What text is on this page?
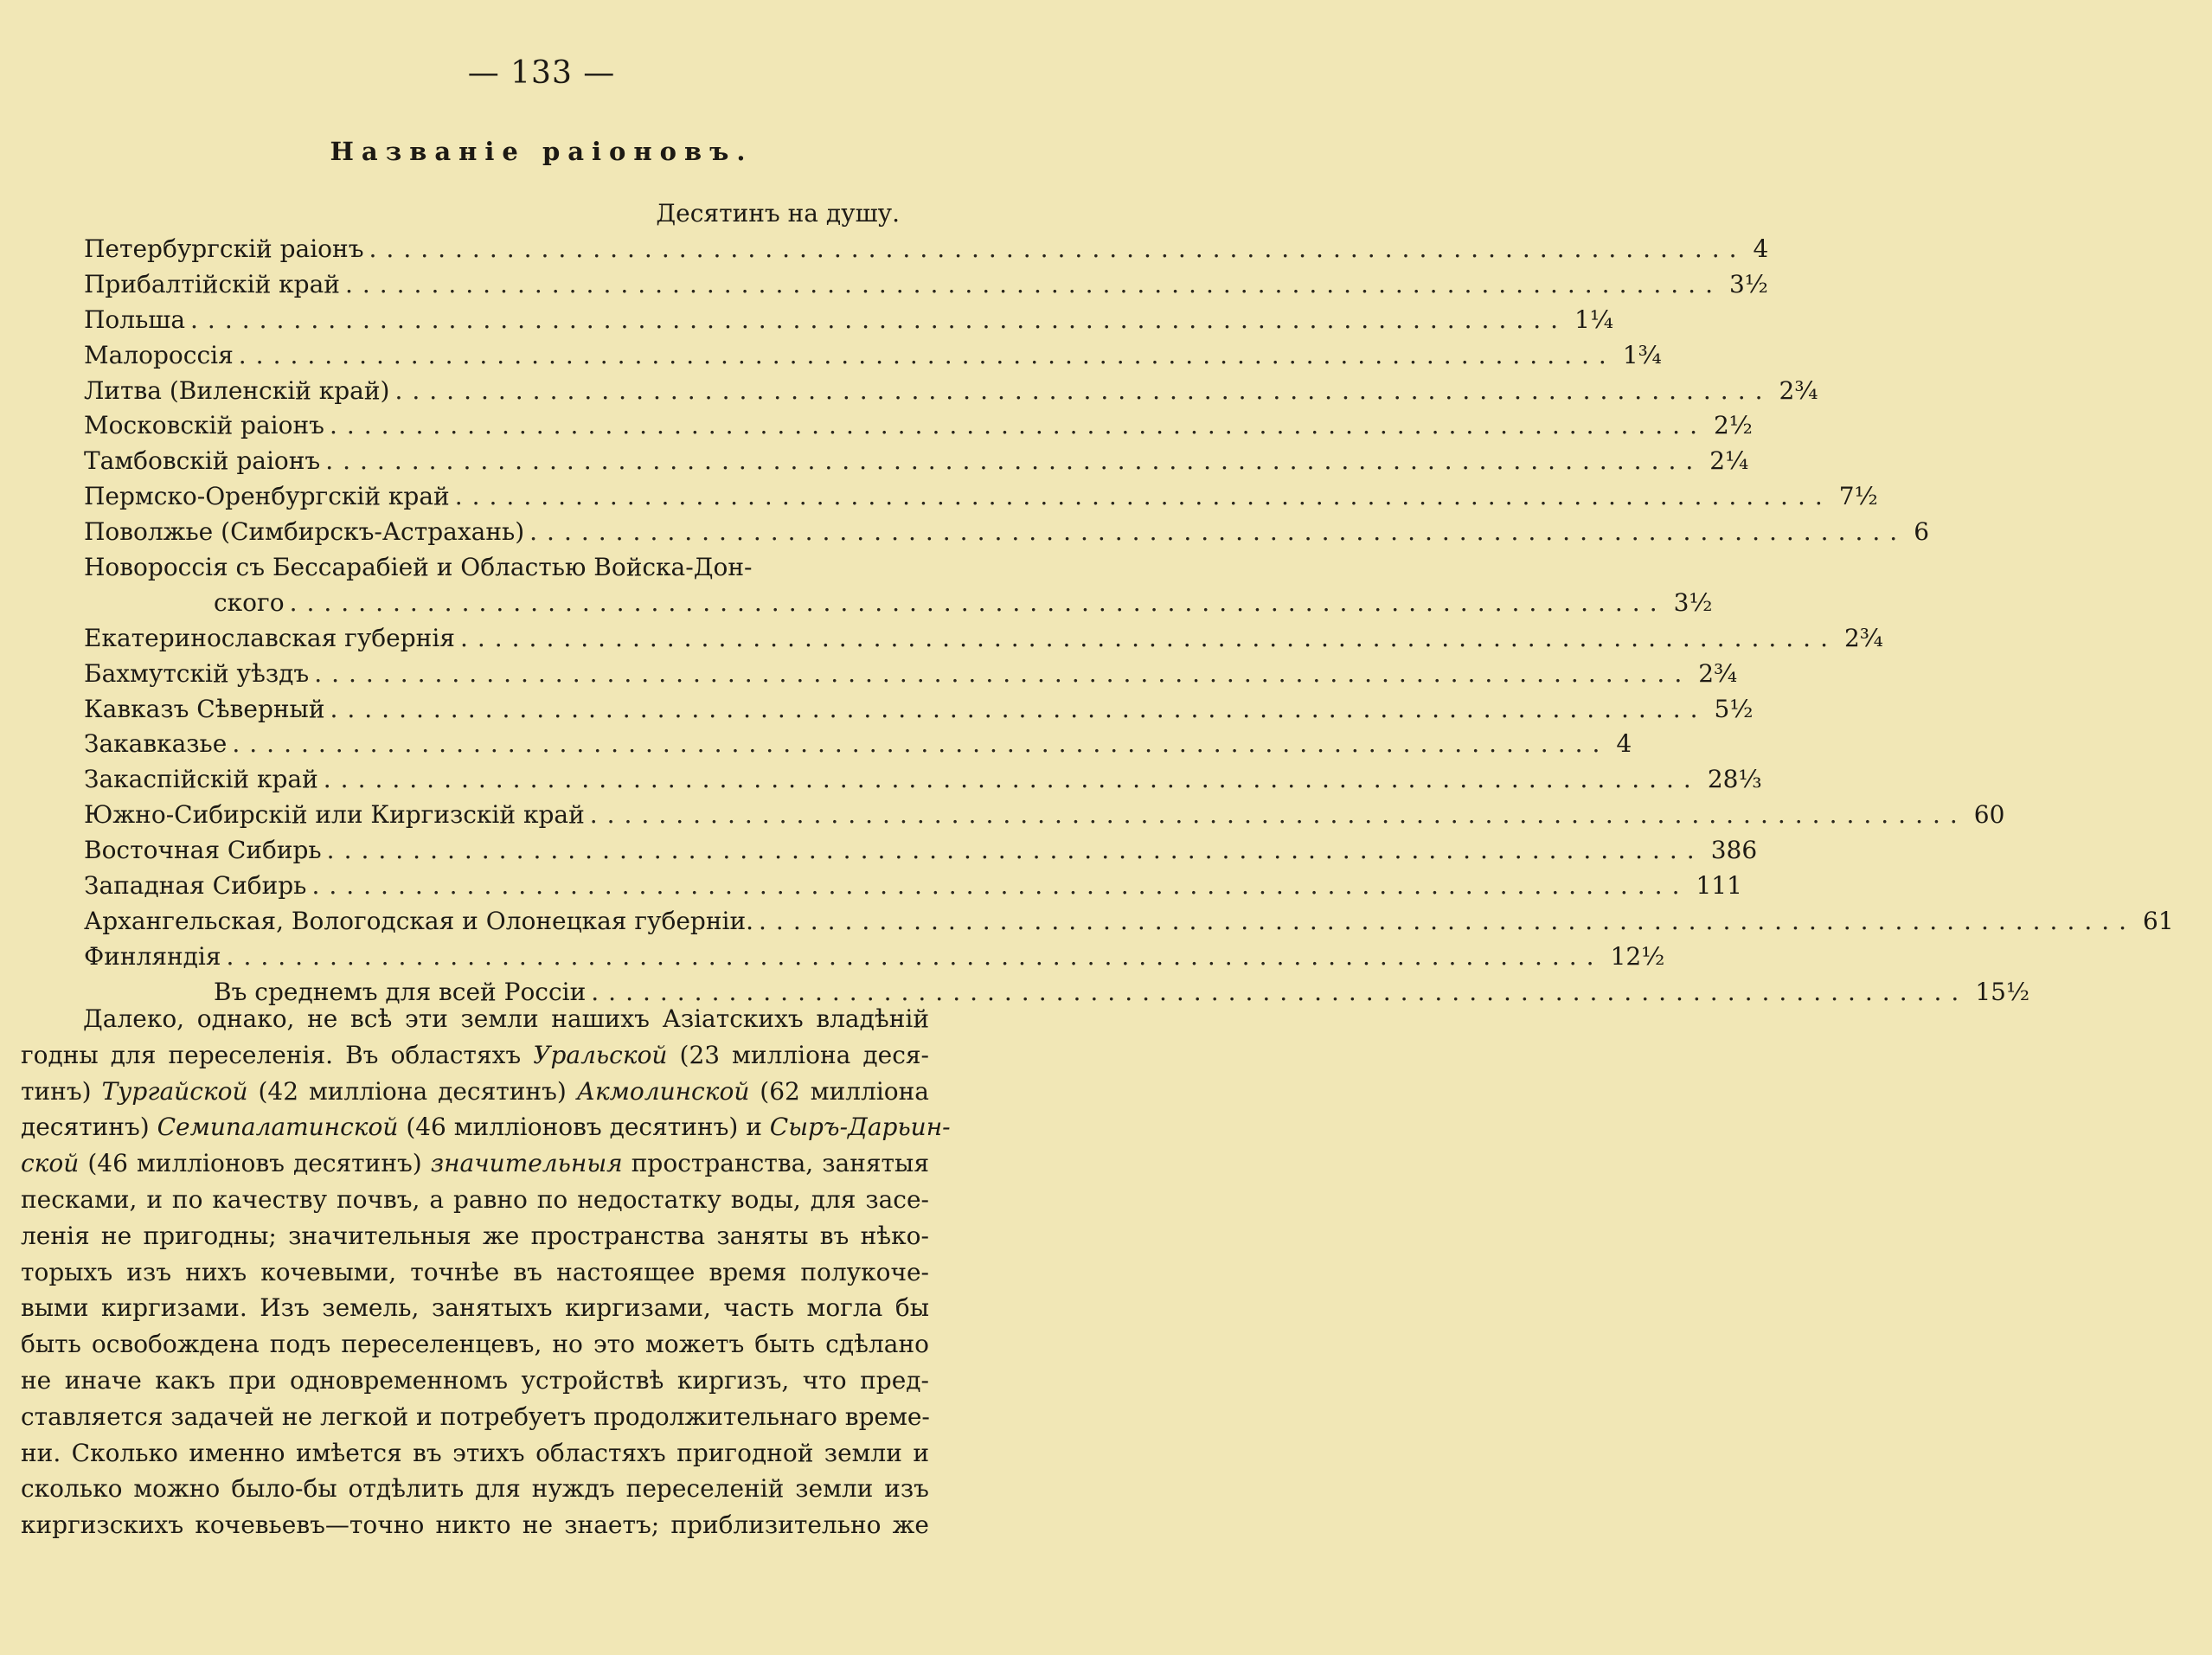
— 133 —
Названіе раіоновъ.
Десятинъ на душу.
Петербургскій раіонъ ................................................................................ 4
Прибалтійскій край ................................................................................ 3½
Польша ................................................................................ 1¼
Малороссія ................................................................................ 1¾
Литва (Виленскій край) ................................................................................ 2¾
Московскій раіонъ ................................................................................ 2½
Тамбовскій раіонъ ................................................................................ 2¼
Пермско-Оренбургскій край ................................................................................ 7½
Поволжье (Симбирскъ-Астрахань) ................................................................................ 6
Новороссія съ Бессарабіей и Областью Войска-Дон-
ского ................................................................................ 3½
Екатеринославская губернія ................................................................................ 2¾
Бахмутскій уѣздъ ................................................................................ 2¾
Кавказъ Сѣверный ................................................................................ 5½
Закавказье ................................................................................ 4
Закаспійскій край ................................................................................ 28⅓
Южно-Сибирскій или Киргизскій край ................................................................................ 60
Восточная Сибирь ................................................................................ 386
Западная Сибирь ................................................................................ 111
Архангельская, Вологодская и Олонецкая губерніи. ................................................................................ 61
Финляндія ................................................................................ 12½
Въ среднемъ для всей Россіи ................................................................................ 15½
Далеко, однако, не всѣ эти земли нашихъ Азіатскихъ владѣній
годны для переселенія. Въ областяхъ Уральской (23 милліона деся-
тинъ) Тургайской (42 милліона десятинъ) Акмолинской (62 милліона
десятинъ) Семипалатинской (46 милліоновъ десятинъ) и Сыръ-Дарьин-
ской (46 милліоновъ десятинъ) значительныя пространства, занятыя
песками, и по качеству почвъ, а равно по недостатку воды, для засе-
ленія не пригодны; значительныя же пространства заняты въ нѣко-
торыхъ изъ нихъ кочевыми, точнѣе въ настоящее время полукоче-
выми киргизами. Изъ земель, занятыхъ киргизами, часть могла бы
быть освобождена подъ переселенцевъ, но это можетъ быть сдѣлано
не иначе какъ при одновременномъ устройствѣ киргизъ, что пред-
ставляется задачей не легкой и потребуетъ продолжительнаго време-
ни. Сколько именно имѣется въ этихъ областяхъ пригодной земли и
сколько можно было-бы отдѣлить для нуждъ переселеній земли изъ
киргизскихъ кочевьевъ—точно никто не знаетъ; приблизительно же
